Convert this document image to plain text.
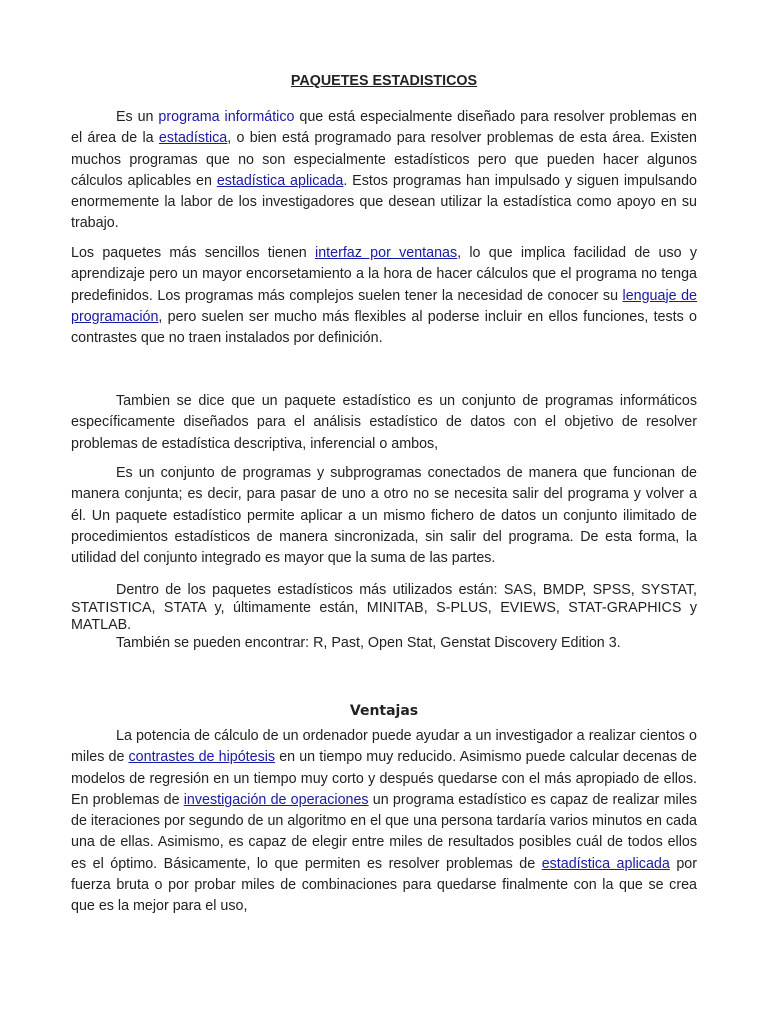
PAQUETES ESTADISTICOS

Es un programa informático que está especialmente diseñado para resolver problemas en el área de la estadística, o bien está programado para resolver problemas de esta área. Existen muchos programas que no son especialmente estadísticos pero que pueden hacer algunos cálculos aplicables en estadística aplicada. Estos programas han impulsado y siguen impulsando enormemente la labor de los investigadores que desean utilizar la estadística como apoyo en su trabajo.

Los paquetes más sencillos tienen interfaz por ventanas, lo que implica facilidad de uso y aprendizaje pero un mayor encorsetamiento a la hora de hacer cálculos que el programa no tenga predefinidos. Los programas más complejos suelen tener la necesidad de conocer su lenguaje de programación, pero suelen ser mucho más flexibles al poderse incluir en ellos funciones, tests o contrastes que no traen instalados por definición.

Tambien se dice que un paquete estadístico es un conjunto de programas informáticos específicamente diseñados para el análisis estadístico de datos con el objetivo de resolver problemas de estadística descriptiva, inferencial o ambos,

Es un conjunto de programas y subprogramas conectados de manera que funcionan de manera conjunta; es decir, para pasar de uno a otro no se necesita salir del programa y volver a él. Un paquete estadístico permite aplicar a un mismo fichero de datos un conjunto ilimitado de procedimientos estadísticos de manera sincronizada, sin salir del programa. De esta forma, la utilidad del conjunto integrado es mayor que la suma de las partes.

Dentro de los paquetes estadísticos más utilizados están: SAS, BMDP, SPSS, SYSTAT, STATISTICA, STATA y, últimamente están, MINITAB, S-PLUS, EVIEWS, STAT-GRAPHICS y MATLAB.

También se pueden encontrar: R, Past, Open Stat, Genstat Discovery Edition 3.

Ventajas

La potencia de cálculo de un ordenador puede ayudar a un investigador a realizar cientos o miles de contrastes de hipótesis en un tiempo muy reducido. Asimismo puede calcular decenas de modelos de regresión en un tiempo muy corto y después quedarse con el más apropiado de ellos. En problemas de investigación de operaciones un programa estadístico es capaz de realizar miles de iteraciones por segundo de un algoritmo en el que una persona tardaría varios minutos en cada una de ellas. Asimismo, es capaz de elegir entre miles de resultados posibles cuál de todos ellos es el óptimo. Básicamente, lo que permiten es resolver problemas de estadística aplicada por fuerza bruta o por probar miles de combinaciones para quedarse finalmente con la que se crea que es la mejor para el uso,
